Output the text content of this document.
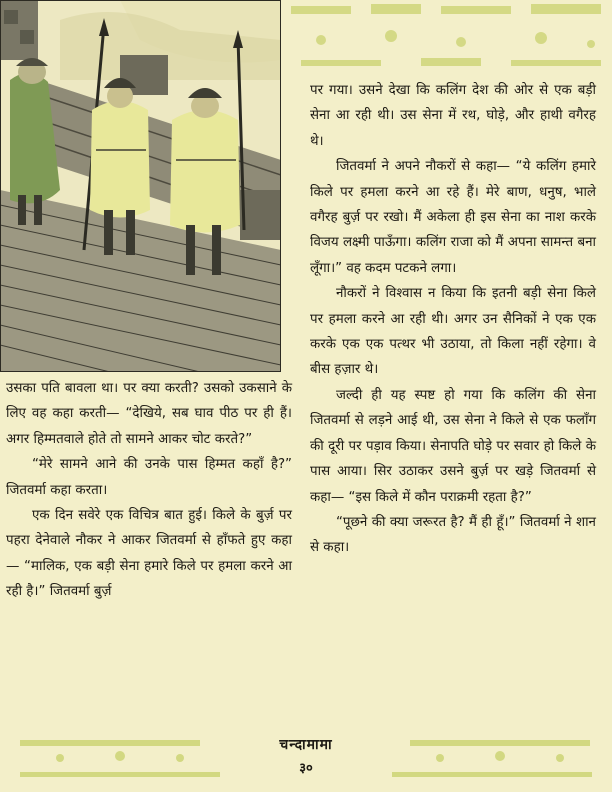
उसका पति बावला था। पर क्या करती? उसको उकसाने के लिए वह कहा करती— “देखिये, सब घाव पीठ पर ही हैं। अगर हिम्मतवाले होते तो सामने आकर चोट करते?”

“मेरे सामने आने की उनके पास हिम्मत कहाँ है?” जितवर्मा कहा करता।

एक दिन सवेरे एक विचित्र बात हुई। किले के बुर्ज़ पर पहरा देनेवाले नौकर ने आकर जितवर्मा से हाँफते हुए कहा— “मालिक, एक बड़ी सेना हमारे किले पर हमला करने आ रही है।” जितवर्मा बुर्ज़

पर गया। उसने देखा कि कलिंग देश की ओर से एक बड़ी सेना आ रही थी। उस सेना में रथ, घोड़े, और हाथी वगैरह थे।

जितवर्मा ने अपने नौकरों से कहा— “ये कलिंग हमारे किले पर हमला करने आ रहे हैं। मेरे बाण, धनुष, भाले वगैरह बुर्ज़ पर रखो। मैं अकेला ही इस सेना का नाश करके विजय लक्ष्मी पाऊँगा। कलिंग राजा को मैं अपना सामन्त बना लूँगा।” वह कदम पटकने लगा।

नौकरों ने विश्वास न किया कि इतनी बड़ी सेना किले पर हमला करने आ रही थी। अगर उन सैनिकों ने एक एक करके एक एक पत्थर भी उठाया, तो किला नहीं रहेगा। वे बीस हज़ार थे।

जल्दी ही यह स्पष्ट हो गया कि कलिंग की सेना जितवर्मा से लड़ने आई थी, उस सेना ने किले से एक फलाँग की दूरी पर पड़ाव किया। सेनापति घोड़े पर सवार हो किले के पास आया। सिर उठाकर उसने बुर्ज़ पर खड़े जितवर्मा से कहा— “इस किले में कौन पराक्रमी रहता है?”

“पूछने की क्या जरूरत है? मैं ही हूँ।” जितवर्मा ने शान से कहा।

चन्दामामा
३०
